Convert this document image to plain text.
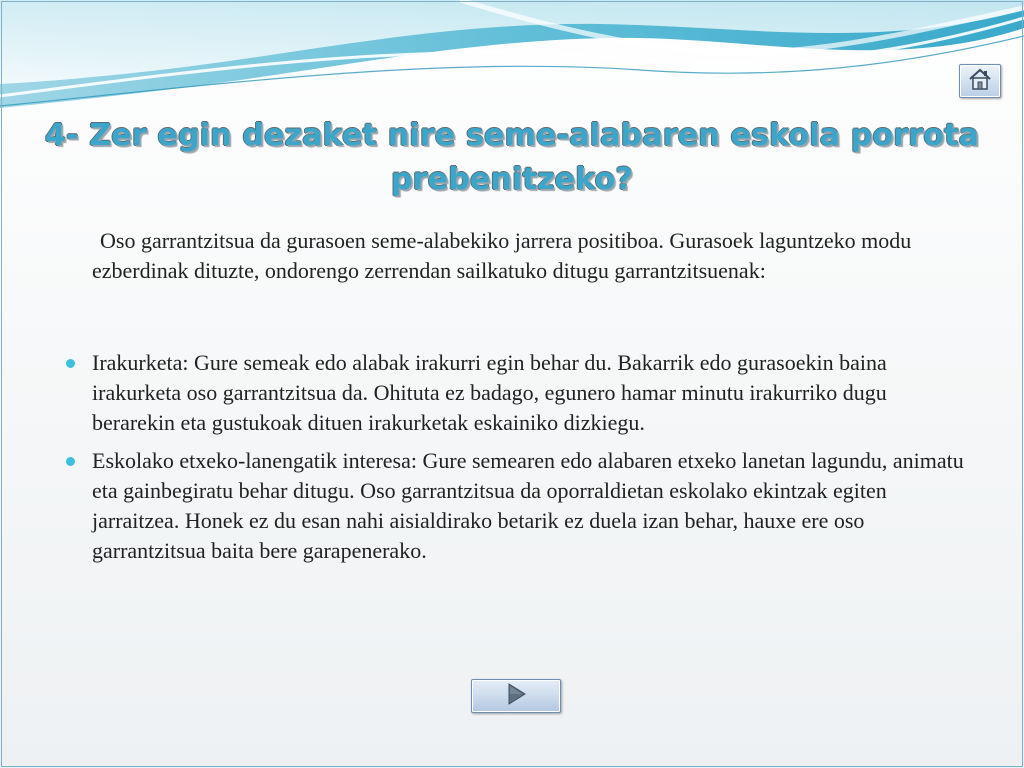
4- Zer egin dezaket nire seme-alabaren eskola porrota
prebenitzeko?

Oso garrantzitsua da gurasoen seme-alabekiko jarrera positiboa. Gurasoek laguntzeko modu ezberdinak dituzte, ondorengo zerrendan sailkatuko ditugu garrantzitsuenak:

Irakurketa: Gure semeak edo alabak irakurri egin behar du. Bakarrik edo gurasoekin baina irakurketa oso garrantzitsua da. Ohituta ez badago, egunero hamar minutu irakurriko dugu berarekin eta gustukoak dituen irakurketak eskainiko dizkiegu.
Eskolako etxeko-lanengatik interesa: Gure semearen edo alabaren etxeko lanetan lagundu, animatu eta gainbegiratu behar ditugu. Oso garrantzitsua da oporraldietan eskolako ekintzak egiten jarraitzea. Honek ez du esan nahi aisialdirako betarik ez duela izan behar, hauxe ere oso garrantzitsua baita bere garapenerako.
